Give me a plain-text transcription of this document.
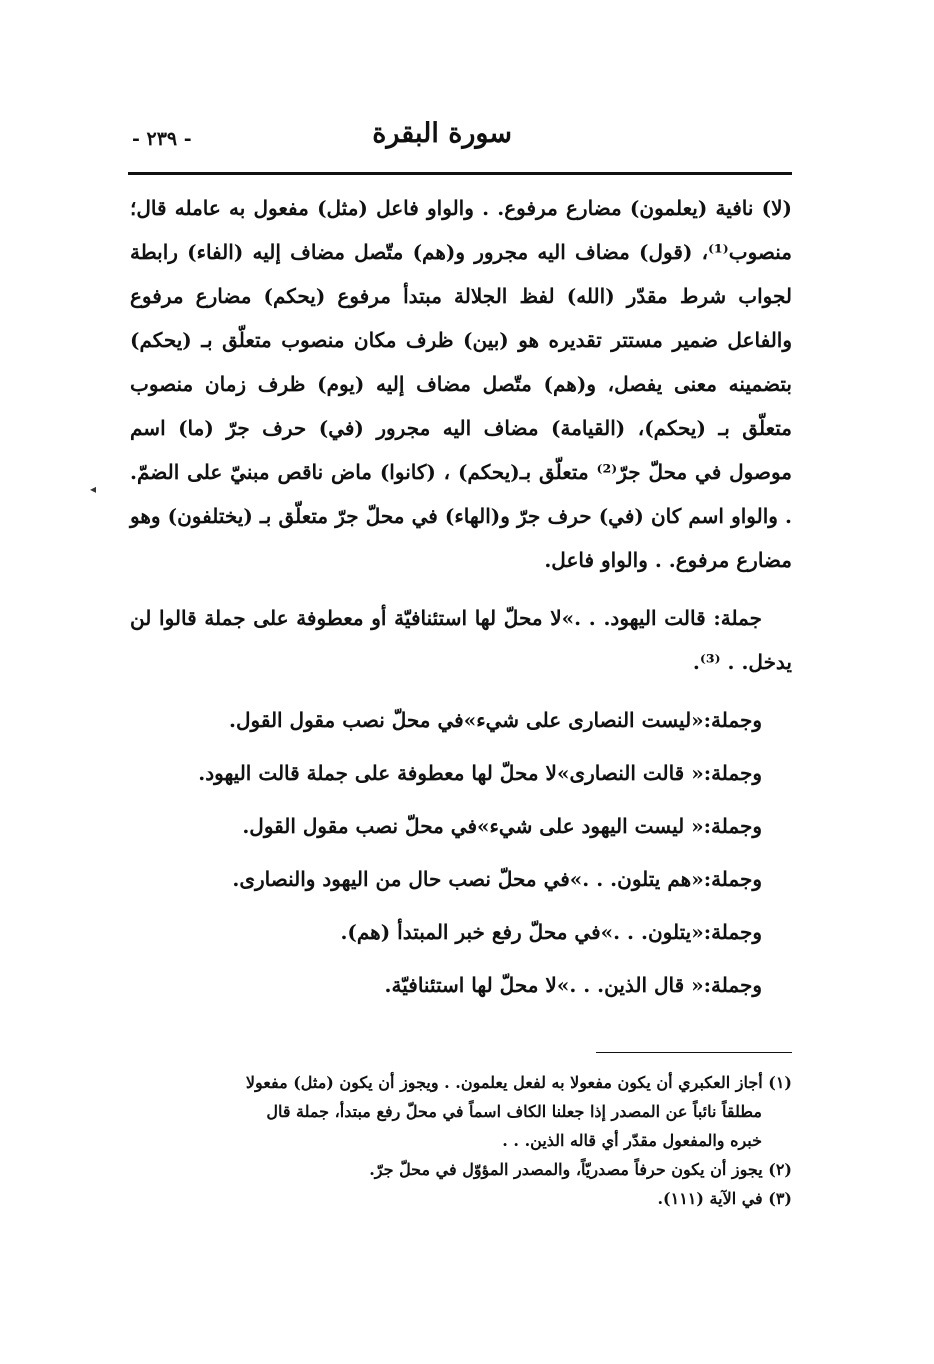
سورة البقرة
- ٢٣٩ -

(لا) نافية (يعلمون) مضارع مرفوع. . والواو فاعل (مثل) مفعول به عامله قال؛ منصوب⁽¹⁾، (قول) مضاف اليه مجرور و(هم) متّصل مضاف إليه (الفاء) رابطة لجواب شرط مقدّر (الله) لفظ الجلالة مبتدأ مرفوع (يحكم) مضارع مرفوع والفاعل ضمير مستتر تقديره هو (بين) ظرف مكان منصوب متعلّق بـ (يحكم) بتضمينه معنى يفصل، و(هم) متّصل مضاف إليه (يوم) ظرف زمان منصوب متعلّق بـ (يحكم)، (القيامة) مضاف اليه مجرور (في) حرف جرّ (ما) اسم موصول في محلّ جرّ⁽²⁾ متعلّق بـ(يحكم) ، (كانوا) ماض ناقص مبنيّ على الضمّ. . والواو اسم كان (في) حرف جرّ و(الهاء) في محلّ جرّ متعلّق بـ (يختلفون) وهو مضارع مرفوع. . والواو فاعل.

جملة: قالت اليهود. . .»لا محلّ لها استئنافيّة أو معطوفة على جملة قالوا لن يدخل. . ⁽³⁾.

وجملة:«ليست النصارى على شيء»في محلّ نصب مقول القول.
وجملة:« قالت النصارى»لا محلّ لها معطوفة على جملة قالت اليهود.
وجملة:« ليست اليهود على شيء»في محلّ نصب مقول القول.
وجملة:«هم يتلون. . .»في محلّ نصب حال من اليهود والنصارى.
وجملة:«يتلون. . .»في محلّ رفع خبر المبتدأ (هم).
وجملة:« قال الذين. . .»لا محلّ لها استئنافيّة.
◂

(١) أجاز العكبري أن يكون مفعولا به لفعل يعلمون. . ويجوز أن يكون (مثل) مفعولا

مطلقاً نائباً عن المصدر إذا جعلنا الكاف اسماً في محلّ رفع مبتدأ، جملة قال

خبره والمفعول مقدّر أي قاله الذين. . .

(٢) يجوز أن يكون حرفاً مصدريّاً، والمصدر المؤوّل في محلّ جرّ.

(٣) في الآية (١١١).
